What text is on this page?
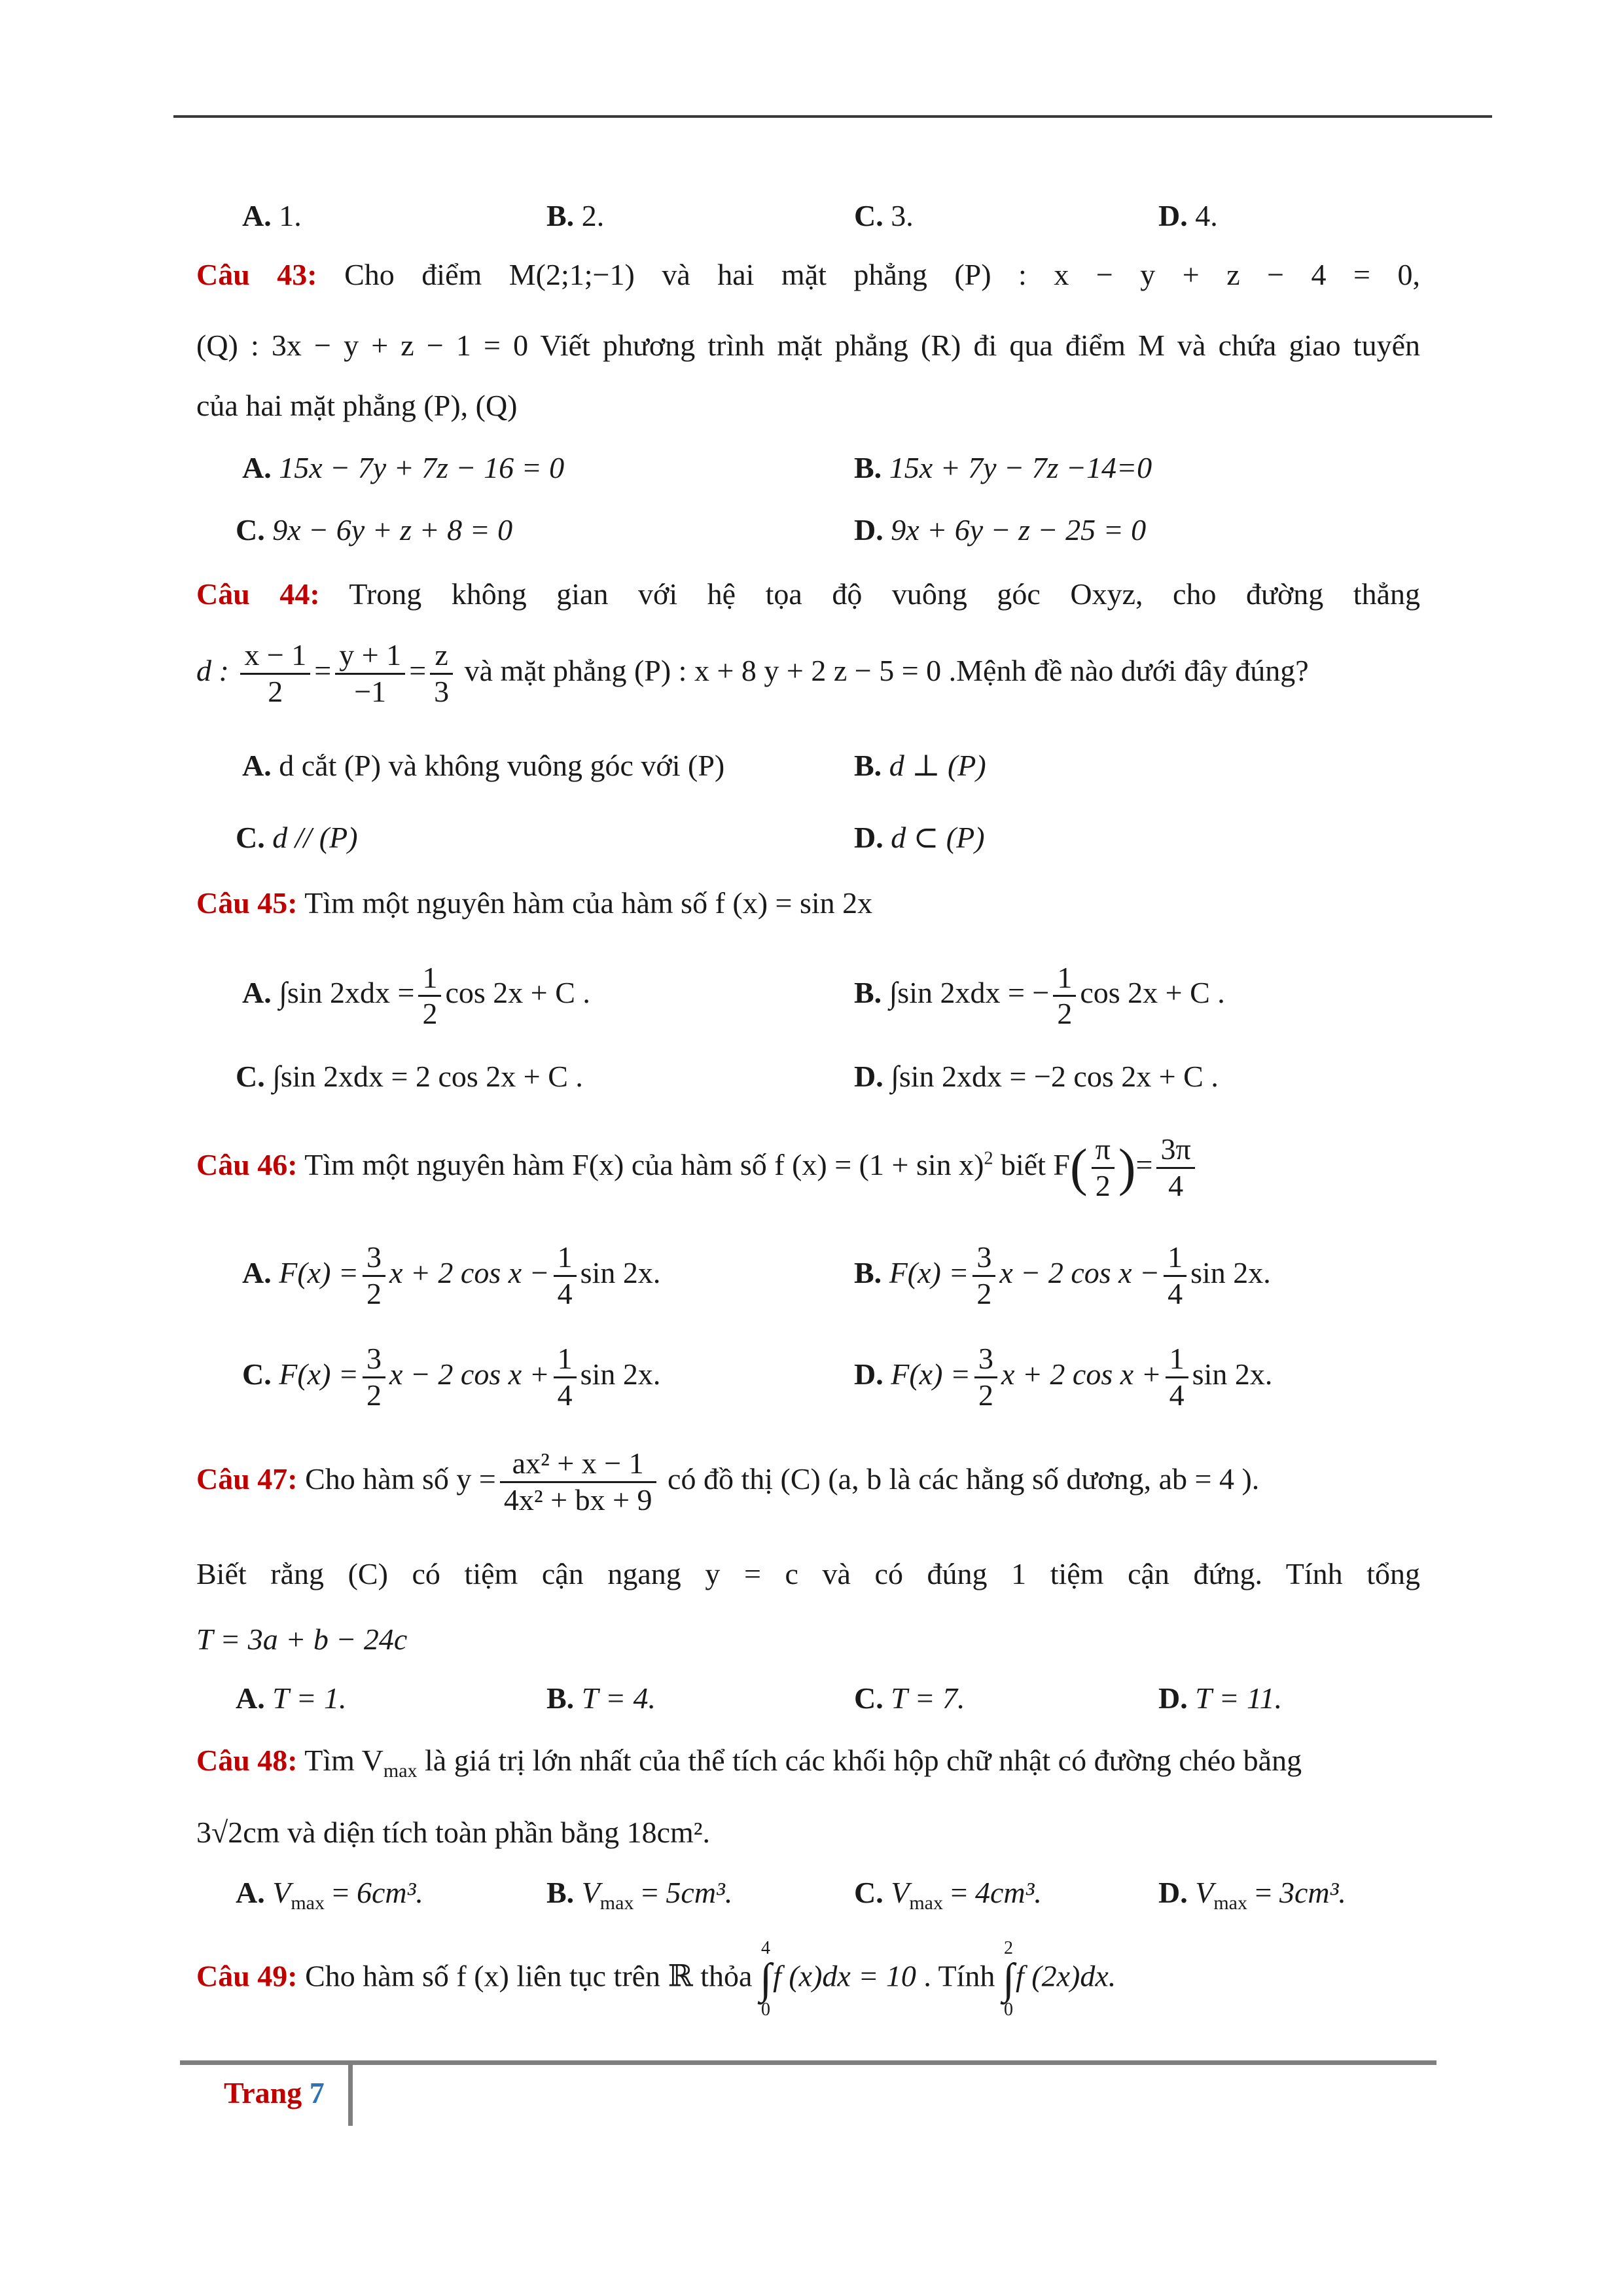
A. 1.	B. 2.	C. 3.	D. 4.
Câu 43: Cho điểm M(2;1;−1) và hai mặt phẳng (P) : x − y + z − 4 = 0,
(Q) : 3x − y + z − 1 = 0 Viết phương trình mặt phẳng (R) đi qua điểm M và chứa giao tuyến
của hai mặt phẳng (P), (Q)
A. 15x − 7y + 7z − 16 = 0	B. 15x + 7y − 7z −14=0
C. 9x − 6y + z + 8 = 0	D. 9x + 6y − z − 25 = 0
Câu 44: Trong không gian với hệ tọa độ vuông góc Oxyz, cho đường thẳng
d : $\frac{x - 1}{2} = \frac{y + 1}{-1} = \frac{z}{3}$ và mặt phẳng (P) : x + 8 y + 2 z − 5 = 0 .Mệnh đề nào dưới đây đúng?
A. d cắt (P) và không vuông góc với (P)	B. d ⊥ (P)
C. d // (P)	D. d ⊂ (P)
Câu 45: Tìm một nguyên hàm của hàm số f (x) = sin 2x
A. ∫sin $2xdx = \frac{1}{2}$ cos 2x + C .	B. ∫sin 2xdx = − $\frac{1}{2}$ cos 2x + C .
C. ∫sin 2xdx = 2 cos 2x + C .	D. ∫sin 2xdx = −2 cos 2x + C .
Câu 46: Tìm một nguyên hàm F(x) của hàm số f $(x) = (1 + \sin x)^2$ biết $F( \frac{\pi}{2}$ )= $\frac{3\pi}{4}$
A. $F(x) = \frac{3}{2}$ x + 2 $\cos x - \frac{1}{4}$ sin 2x.	B. $F(x) = \frac{3}{2}$ x − 2 $\cos x - \frac{1}{4}$ sin 2x.
C. $F(x) = \frac{3}{2}$ x − 2 $\cos x + \frac{1}{4}$ sin 2x.	D. $F(x) = \frac{3}{2}$ x + 2 $\cos x + \frac{1}{4}$ sin 2x.
Câu 47: Cho hàm số $y = \frac{\text{ax² + x − 1}}{\text{4x² + bx + 9}}$ có đồ thị (C) (a, b là các hằng số dương, ab = 4 ).
Biết rằng (C) có tiệm cận ngang y = c và có đúng 1 tiệm cận đứng. Tính tổng
T = 3a + b − 24c
A. T = 1.	B. T = 4.	C. T = 7.	D. T = 11.
Câu 48: Tìm $V_{max}$ là giá trị lớn nhất của thể tích các khối hộp chữ nhật có đường chéo bằng
3√2cm và diện tích toàn phần bằng 18cm².
A. $V_{max} = 6cm^3$.	B. $V_{max} = 5cm^3$.	C. $V_{max} = 4cm^3$.	D. $V_{max} = 3cm^3$.
Câu 49: Cho hàm số f (x) liên tục trên ℝ thỏa
4
∫
0
f (x)dx = 10 . Tính
2
∫
0
f (2x)dx.
Trang 7
